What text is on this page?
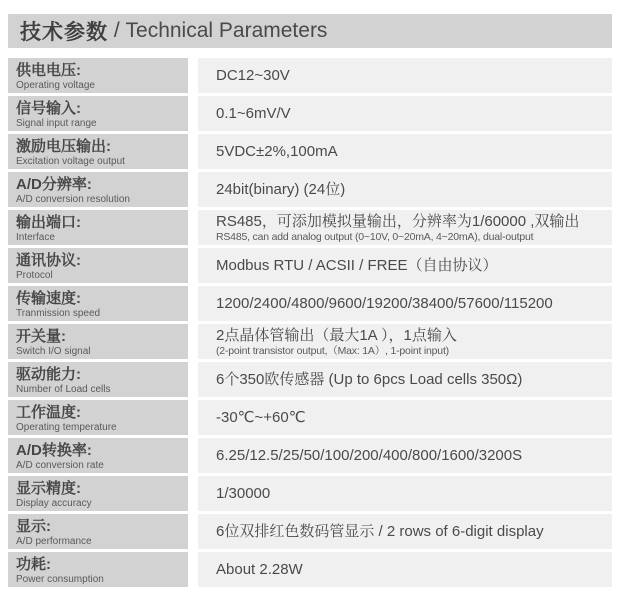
技术参数 / Technical Parameters
供电电压:
Operating voltage
DC12~30V
信号输入:
Signal input range
0.1~6mV/V
激励电压输出:
Excitation voltage output
5VDC±2%,100mA
A/D分辨率:
A/D conversion resolution
24bit(binary) (24位)
输出端口:
Interface
RS485，可添加模拟量输出，分辨率为1/60000 ,双输出
RS485, can add analog output (0~10V, 0~20mA, 4~20mA), dual-output
通讯协议:
Protocol
Modbus RTU / ACSII / FREE（自由协议）
传输速度:
Tranmission speed
1200/2400/4800/9600/19200/38400/57600/115200
开关量:
Switch I/O signal
2点晶体管输出（最大1A ），1点输入
(2-point transistor output,（Max: 1A）, 1-point input)
驱动能力:
Number of Load cells
6个350欧传感器 (Up to 6pcs Load cells 350Ω)
工作温度:
Operating temperature
-30℃~+60℃
A/D转换率:
A/D conversion rate
6.25/12.5/25/50/100/200/400/800/1600/3200S
显示精度:
Display accuracy
1/30000
显示:
A/D performance
6位双排红色数码管显示 / 2 rows of 6-digit display
功耗:
Power consumption
About 2.28W
